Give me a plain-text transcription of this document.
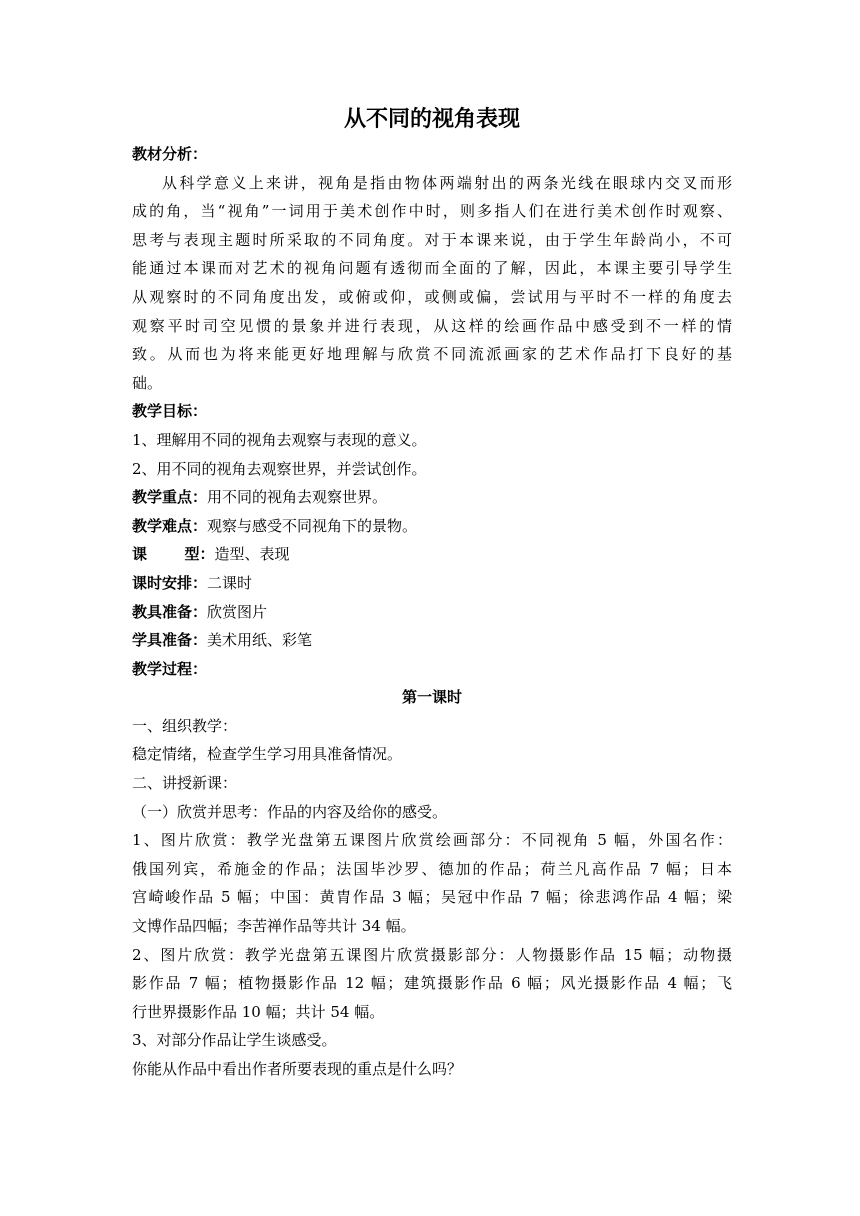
从不同的视角表现

教材分析：

从科学意义上来讲，视角是指由物体两端射出的两条光线在眼球内交叉而形

成的角，当“视角”一词用于美术创作中时，则多指人们在进行美术创作时观察、

思考与表现主题时所采取的不同角度。对于本课来说，由于学生年龄尚小，不可

能通过本课而对艺术的视角问题有透彻而全面的了解，因此，本课主要引导学生

从观察时的不同角度出发，或俯或仰，或侧或偏，尝试用与平时不一样的角度去

观察平时司空见惯的景象并进行表现，从这样的绘画作品中感受到不一样的情

致。从而也为将来能更好地理解与欣赏不同流派画家的艺术作品打下良好的基

础。

教学目标：

1、理解用不同的视角去观察与表现的意义。

2、用不同的视角去观察世界，并尝试创作。

教学重点：用不同的视角去观察世界。

教学难点：观察与感受不同视角下的景物。

课型：造型、表现

课时安排：二课时

教具准备：欣赏图片

学具准备：美术用纸、彩笔

教学过程：

第一课时

一、组织教学：

稳定情绪，检查学生学习用具准备情况。

二、讲授新课：

（一）欣赏并思考：作品的内容及给你的感受。

1、图片欣赏：教学光盘第五课图片欣赏绘画部分：不同视角 5 幅，外国名作：

俄国列宾，希施金的作品；法国毕沙罗、德加的作品；荷兰凡高作品 7 幅；日本

宫崎峻作品 5 幅；中国：黄胄作品 3 幅；吴冠中作品 7 幅；徐悲鸿作品 4 幅；梁

文博作品四幅；李苦禅作品等共计 34 幅。

2、图片欣赏：教学光盘第五课图片欣赏摄影部分：人物摄影作品 15 幅；动物摄

影作品 7 幅；植物摄影作品 12 幅；建筑摄影作品 6 幅；风光摄影作品 4 幅；飞

行世界摄影作品 10 幅；共计 54 幅。

3、对部分作品让学生谈感受。

你能从作品中看出作者所要表现的重点是什么吗？
